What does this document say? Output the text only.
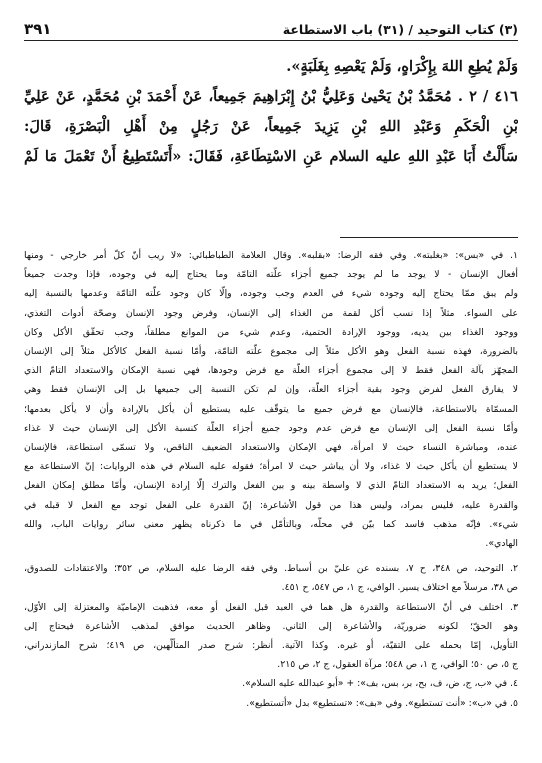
(٣) كتاب التوحيد / (٣١) باب الاستطاعة
٣٩١
وَلَمْ يُطِعِ اللهَ بِإِكْرَاهٍ، وَلَمْ يَعْصِهِ بِغَلَبَةٍ».
٤١٦ / ٢ . مُحَمَّدُ بْنُ يَحْيىٰ وَعَلِيُّ بْنُ إِبْرَاهِيمَ جَمِيعاً، عَنْ أَحْمَدَ بْنِ مُحَمَّدٍ، عَنْ عَلِيِّ
بْنِ الْحَكَمِ وَعَبْدِ اللهِ بْنِ يَزِيدَ جَمِيعاً، عَنْ رَجُلٍ مِنْ أَهْلِ الْبَصْرَةِ، قَالَ:
سَأَلْتُ أَبَا عَبْدِ اللهِ عليه السلام عَنِ الاسْتِطَاعَةِ، فَقَالَ: «أَتَسْتَطِيعُ أَنْ تَعْمَلَ مَا لَمْ
١. في «بس»: «بغلبته». وفي فقه الرضا: «بقلبه». وقال العلامة الطباطبائي: «لا ريب أنّ كلّ أمر خارجي - ومنها
أفعال الإنسان - لا يوجد ما لم يوجد جميع أجزاء علّته التامّة وما يحتاج إليه في وجوده، فإذا وجدت جميعاً
ولم يبق ممّا يحتاج إليه وجوده شيء في العدم وجب وجوده، وإلّا كان وجود علّته التامّة وعدمها بالنسبة إليه
على السواء. مثلاً إذا نسب أكل لقمة من الغذاء إلى الإنسان، وفرض وجود الإنسان وصحّة أدوات التغذي،
ووجود الغذاء بين يديه، ووجود الإرادة الحتمية، وعدم شيء من الموانع مطلقاً، وجب تحقّق الأكل وكان
بالضرورة، فهذه نسبة الفعل وهو الأكل مثلاً إلى مجموع علّته التامّة، وأمّا نسبة الفعل كالأكل مثلاً إلى الإنسان
المجهّز بآلة الفعل فقط لا إلى مجموع أجزاء العلّة مع فرض وجودها، فهي نسبة الإمكان والاستعداد التامّ الذي
لا يفارق الفعل لفرض وجود بقية أجزاء العلّة، وإن لم تكن النسبة إلى جميعها بل إلى الإنسان فقط وهي
المسمّاة بالاستطاعة، فالإنسان مع فرض جميع ما يتوقّف عليه يستطيع أن يأكل بالإرادة وأن لا يأكل بعدمها؛
وأمّا نسبة الفعل إلى الإنسان مع فرض عدم وجود جميع أجزاء العلّة كنسبة الأكل إلى الإنسان حيث لا غذاء
عنده، ومباشرة النساء حيث لا امرأة، فهي الإمكان والاستعداد الضعيف الناقص، ولا تسمّى استطاعة، فالإنسان
لا يستطيع أن يأكل حيث لا غذاء، ولا أن يباشر حيث لا امرأة؛ فقوله عليه السلام في هذه الروايات: إنّ الاستطاعة مع
الفعل؛ يريد به الاستعداد التامّ الذي لا واسطة بينه و بين الفعل والترك إلّا إرادة الإنسان، وأمّا مطلق إمكان الفعل
والقدرة عليه، فليس بمراد، وليس هذا من قول الأشاعرة: إنّ القدرة على الفعل توجد مع الفعل لا قبله في
شيء». فإنّه مذهب فاسد كما بيّن في محلّه، وبالتأمّل في ما ذكرناه يظهر معنى سائر روايات الباب، والله
الهادي».
٢. التوحيد، ص ٣٤٨، ح ٧، بسنده عن عليّ بن أسباط. وفي فقه الرضا عليه السلام، ص ٣٥٢؛ والاعتقادات للصدوق،
ص ٣٨، مرسلاً مع اختلاف يسير. الوافي، ج ١، ص ٥٤٧، ح ٤٥١.
٣. اختلف في أنّ الاستطاعة والقدرة هل هما في العبد قبل الفعل أو معه، فذهبت الإماميّة والمعتزلة إلى الأوّل،
وهو الحقّ؛ لكونه ضروريّة، والأشاعرة إلى الثاني. وظاهر الحديث موافق لمذهب الأشاعرة فيحتاج إلى
التأويل، إمّا بحمله على التقيّة، أو غيره. وكذا الآتية. أنظر: شرح صدر المتألّهين، ص ٤١٩؛ شرح المازندراني،
ج ٥، ص ٥٠؛ الوافي، ج ١، ص ٥٤٨؛ مرآة العقول، ج ٢، ص ٢١٥.
٤. في «ب، ج، ض، ف، بح، بر، بس، بف»: + «أبو عبدالله عليه السلام».
٥. في «ب»: «أنت تستطيع». وفي «بف»: «تستطيع» بدل «أتستطيع».
